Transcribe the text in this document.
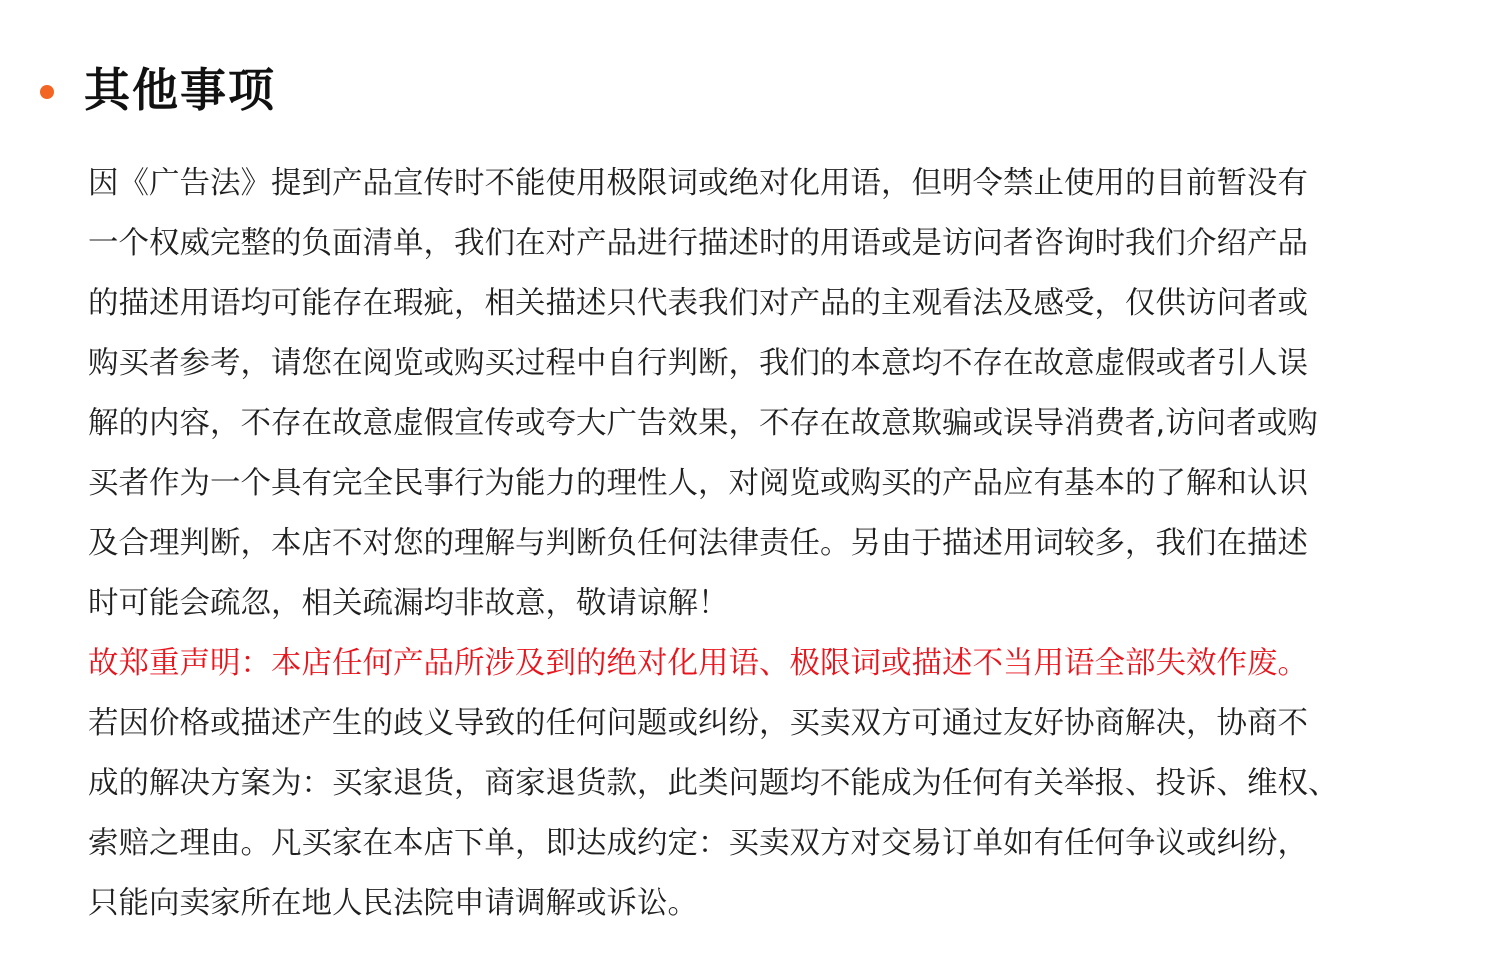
其他事项
因《广告法》提到产品宣传时不能使用极限词或绝对化用语，但明令禁止使用的目前暂没有
一个权威完整的负面清单，我们在对产品进行描述时的用语或是访问者咨询时我们介绍产品
的描述用语均可能存在瑕疵，相关描述只代表我们对产品的主观看法及感受，仅供访问者或
购买者参考，请您在阅览或购买过程中自行判断，我们的本意均不存在故意虚假或者引人误
解的内容，不存在故意虚假宣传或夸大广告效果，不存在故意欺骗或误导消费者,访问者或购
买者作为一个具有完全民事行为能力的理性人，对阅览或购买的产品应有基本的了解和认识
及合理判断，本店不对您的理解与判断负任何法律责任。另由于描述用词较多，我们在描述
时可能会疏忽，相关疏漏均非故意，敬请谅解！
故郑重声明：本店任何产品所涉及到的绝对化用语、极限词或描述不当用语全部失效作废。
若因价格或描述产生的歧义导致的任何问题或纠纷，买卖双方可通过友好协商解决，协商不
成的解决方案为：买家退货，商家退货款，此类问题均不能成为任何有关举报、投诉、维权、
索赔之理由。凡买家在本店下单，即达成约定：买卖双方对交易订单如有任何争议或纠纷，
只能向卖家所在地人民法院申请调解或诉讼。
